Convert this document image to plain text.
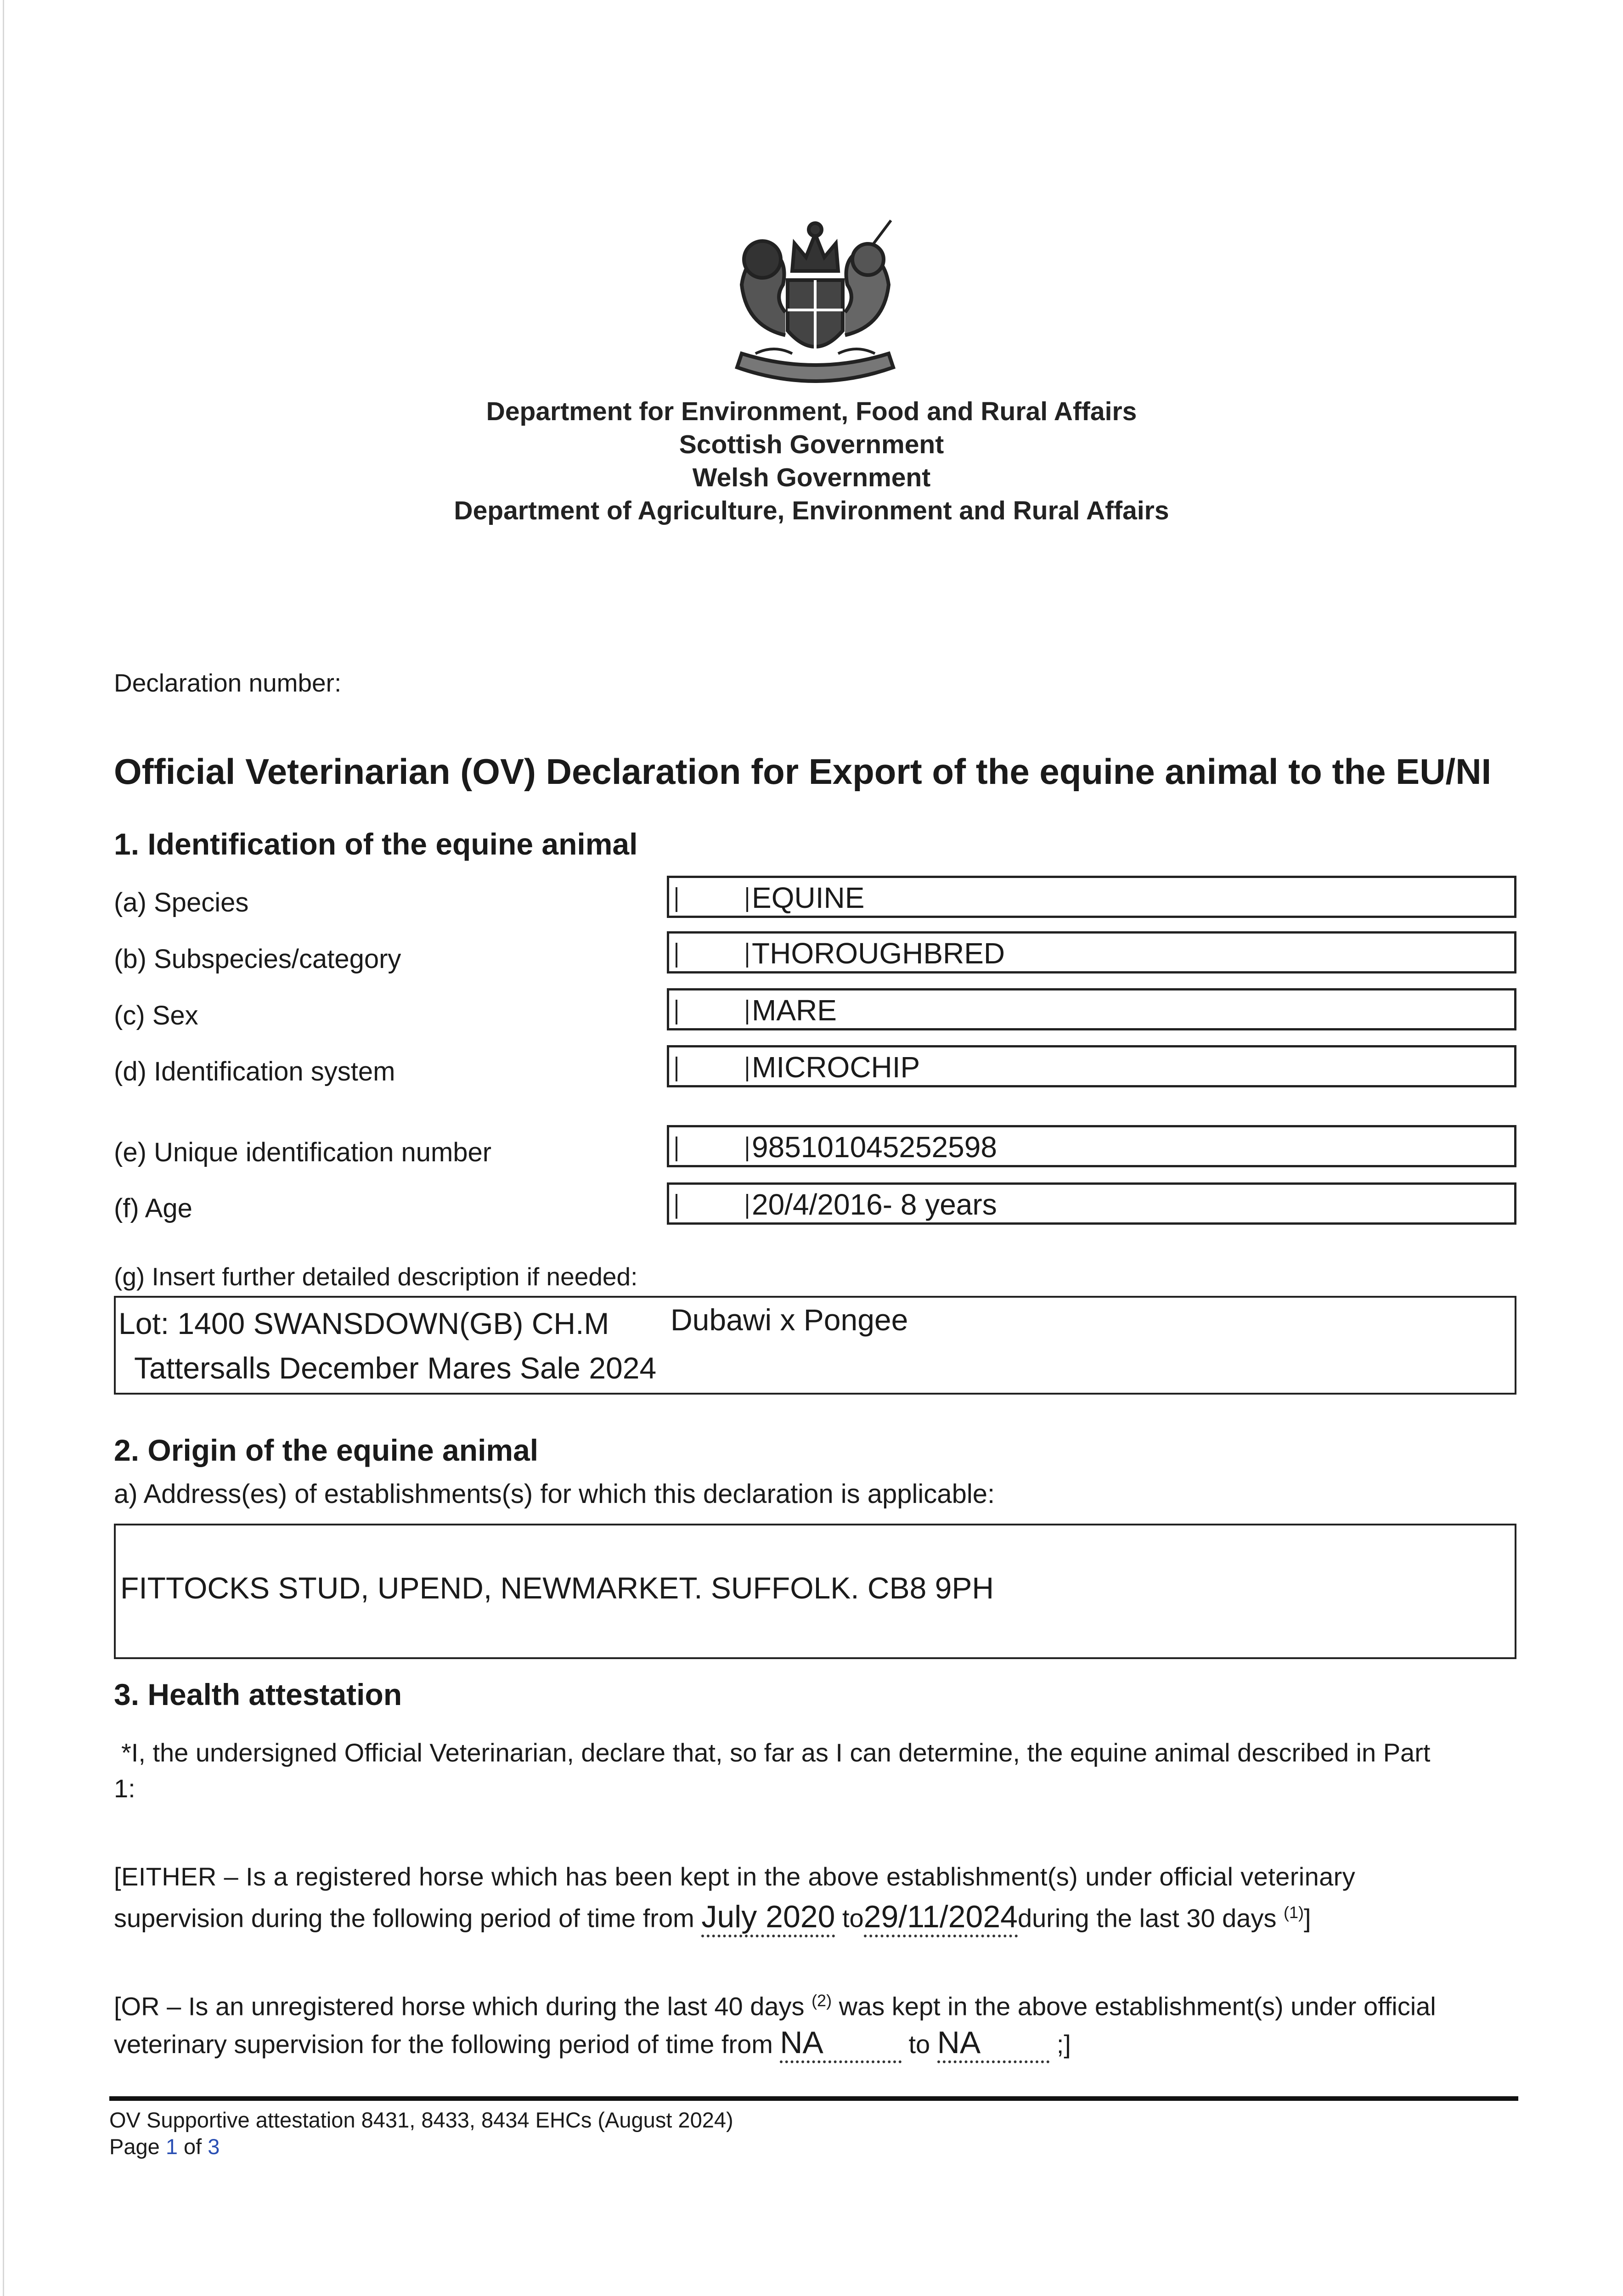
Department for Environment, Food and Rural Affairs
Scottish Government
Welsh Government
Department of Agriculture, Environment and Rural Affairs
Declaration number:
Official Veterinarian (OV) Declaration for Export of the equine animal to the EU/NI
1. Identification of the equine animal
(a) Species	EQUINE
(b) Subspecies/category	THOROUGHBRED
(c) Sex	MARE
(d) Identification system	MICROCHIP
(e) Unique identification number	985101045252598
(f) Age	20/4/2016- 8 years
(g) Insert further detailed description if needed:
Lot: 1400 SWANSDOWN(GB) CH.M Dubawi x Pongee
Tattersalls December Mares Sale 2024
2. Origin of the equine animal
a) Address(es) of establishments(s) for which this declaration is applicable:
FITTOCKS STUD, UPEND, NEWMARKET. SUFFOLK. CB8 9PH
3. Health attestation
*I, the undersigned Official Veterinarian, declare that, so far as I can determine, the equine animal described in Part
1:
[EITHER – Is a registered horse which has been kept in the above establishment(s) under official veterinary
supervision during the following period of time from July 2020 to29/11/2024during the last 30 days $^{(1)}$]
[OR – Is an unregistered horse which during the last 40 days $^{(2)}$ was kept in the above establishment(s) under official
veterinary supervision for the following period of time from NA	to NA	;]
OV Supportive attestation 8431, 8433, 8434 EHCs (August 2024)
Page 1 of 3
